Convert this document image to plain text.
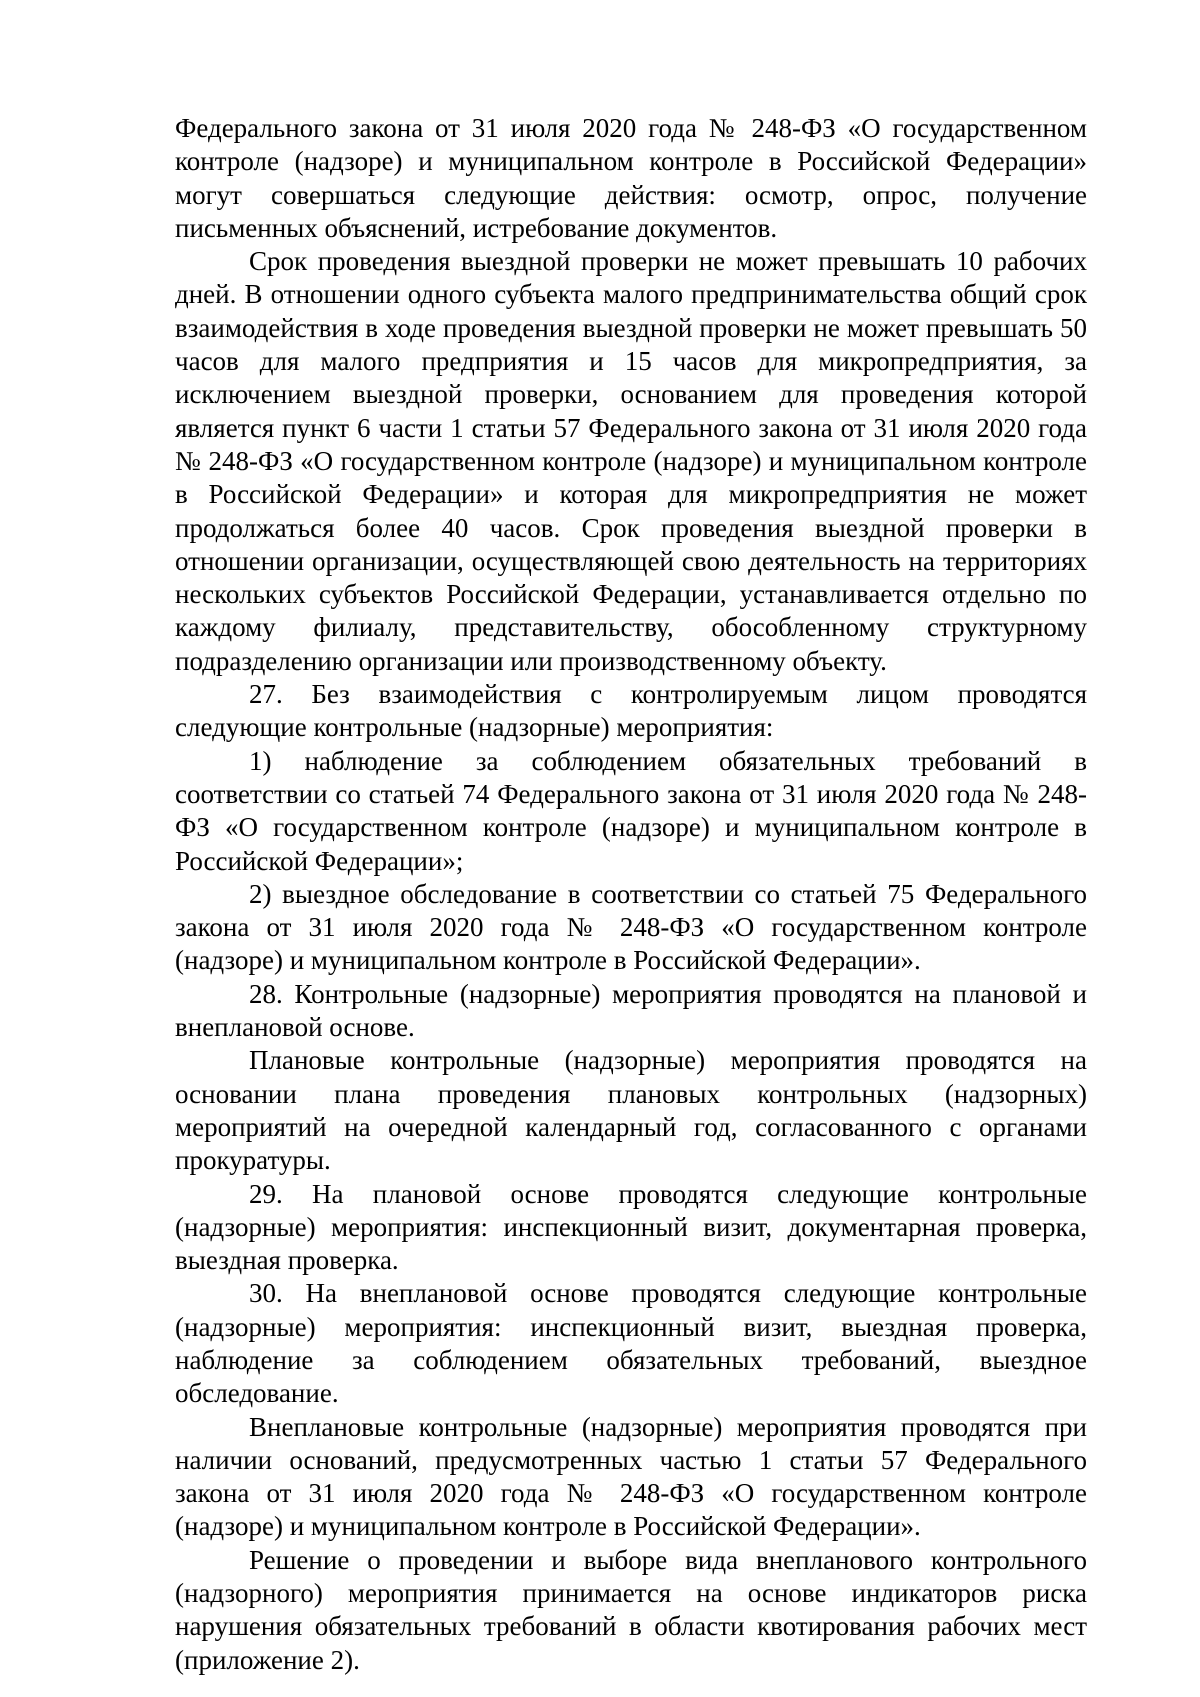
Федерального закона от 31 июля 2020 года № 248-ФЗ «О государственном контроле (надзоре) и муниципальном контроле в Российской Федерации» могут совершаться следующие действия: осмотр, опрос, получение письменных объяснений, истребование документов.

Срок проведения выездной проверки не может превышать 10 рабочих дней. В отношении одного субъекта малого предпринимательства общий срок взаимодействия в ходе проведения выездной проверки не может превышать 50 часов для малого предприятия и 15 часов для микропредприятия, за исключением выездной проверки, основанием для проведения которой является пункт 6 части 1 статьи 57 Федерального закона от 31 июля 2020 года № 248-ФЗ «О государственном контроле (надзоре) и муниципальном контроле в Российской Федерации» и которая для микропредприятия не может продолжаться более 40 часов. Срок проведения выездной проверки в отношении организации, осуществляющей свою деятельность на территориях нескольких субъектов Российской Федерации, устанавливается отдельно по каждому филиалу, представительству, обособленному структурному подразделению организации или производственному объекту.

27. Без взаимодействия с контролируемым лицом проводятся следующие контрольные (надзорные) мероприятия:

1) наблюдение за соблюдением обязательных требований в соответствии со статьей 74 Федерального закона от 31 июля 2020 года № 248-ФЗ «О государственном контроле (надзоре) и муниципальном контроле в Российской Федерации»;

2) выездное обследование в соответствии со статьей 75 Федерального закона от 31 июля 2020 года № 248-ФЗ «О государственном контроле (надзоре) и муниципальном контроле в Российской Федерации».

28. Контрольные (надзорные) мероприятия проводятся на плановой и внеплановой основе.

Плановые контрольные (надзорные) мероприятия проводятся на основании плана проведения плановых контрольных (надзорных) мероприятий на очередной календарный год, согласованного с органами прокуратуры.

29. На плановой основе проводятся следующие контрольные (надзорные) мероприятия: инспекционный визит, документарная проверка, выездная проверка.

30. На внеплановой основе проводятся следующие контрольные (надзорные) мероприятия: инспекционный визит, выездная проверка, наблюдение за соблюдением обязательных требований, выездное обследование.

Внеплановые контрольные (надзорные) мероприятия проводятся при наличии оснований, предусмотренных частью 1 статьи 57 Федерального закона от 31 июля 2020 года № 248-ФЗ «О государственном контроле (надзоре) и муниципальном контроле в Российской Федерации».

Решение о проведении и выборе вида внепланового контрольного (надзорного) мероприятия принимается на основе индикаторов риска нарушения обязательных требований в области квотирования рабочих мест (приложение 2).
